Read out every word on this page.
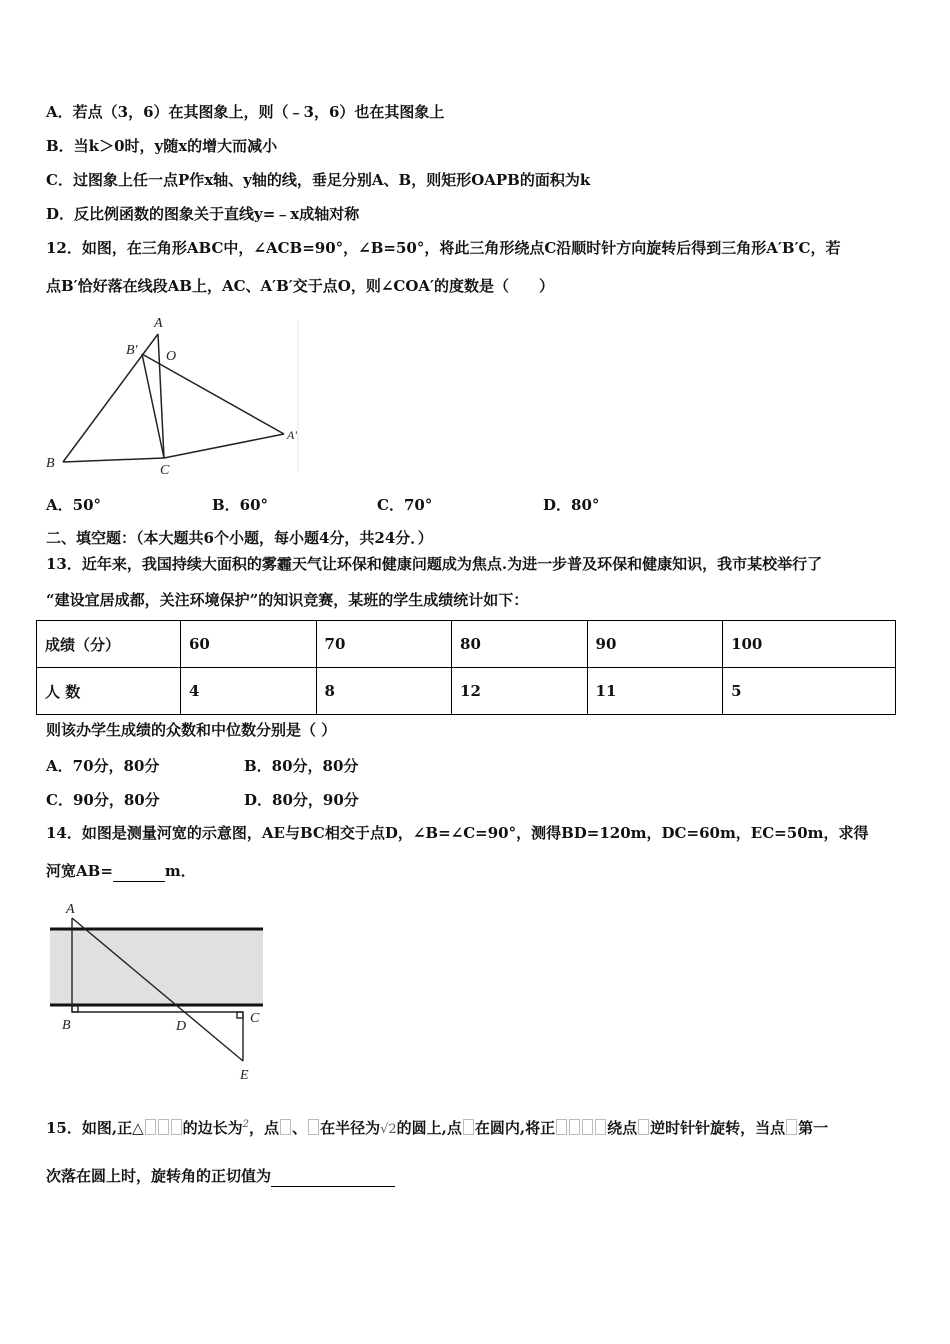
A．若点（3，6）在其图象上，则（﹣3，6）也在其图象上
B．当k＞0时，y随x的增大而减小
C．过图象上任一点P作x轴、y轴的线，垂足分别A、B，则矩形OAPB的面积为k
D．反比例函数的图象关于直线y=﹣x成轴对称
12．如图，在三角形ABC中，∠ACB=90°，∠B=50°，将此三角形绕点C沿顺时针方向旋转后得到三角形A′B′C，若
点B′恰好落在线段AB上，AC、A′B′交于点O，则∠COA′的度数是（　　）
A
B' O
A'
B	C
A．50°	B．60°	C．70°	D．80°
二、填空题：（本大题共6个小题，每小题4分，共24分．）
13．近年来，我国持续大面积的雾霾天气让环保和健康问题成为焦点.为进一步普及环保和健康知识，我市某校举行了
“建设宜居成都，关注环境保护”的知识竞赛，某班的学生成绩统计如下：
成绩（分）	60	70	80	90	100
人 数	4	8	12	11	5
则该办学生成绩的众数和中位数分别是（ ）
A．70分，80分	B．80分，80分
C．90分，80分	D．80分，90分
14．如图是测量河宽的示意图，AE与BC相交于点D，∠B=∠C=90°，测得BD=120m，DC=60m，EC=50m，求得
河宽AB=	m．
A
B	D
C
E
15．如图,正△	的边长为$^2$，点 、 在半径为√2的圆上,点 在圆内,将正	绕点 逆时针针旋转，当点 第一
次落在圆上时，旋转角的正切值为
